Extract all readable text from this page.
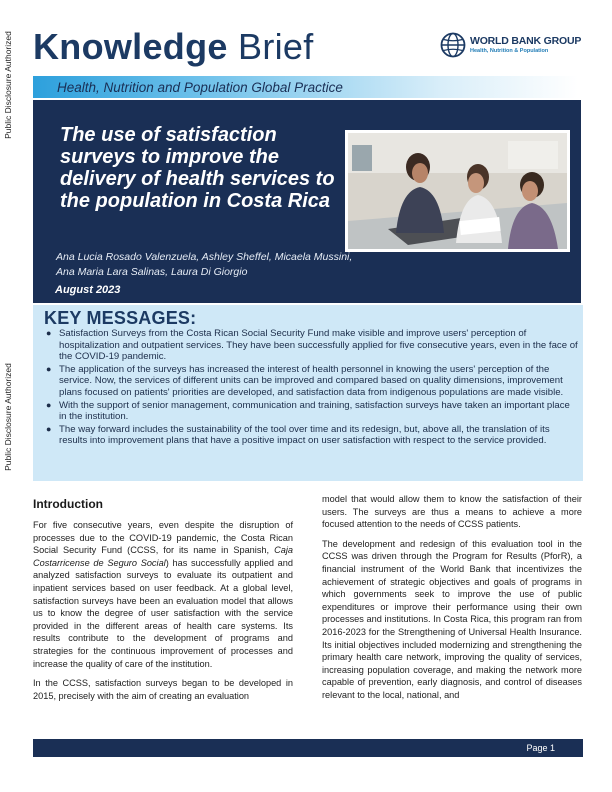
Public Disclosure Authorized
Public Disclosure Authorized
Knowledge Brief	WORLD BANK GROUP
Health, Nutrition & Population
Health, Nutrition and Population Global Practice
The use of satisfaction surveys to improve the delivery of health services to the population in Costa Rica
Ana Lucia Rosado Valenzuela, Ashley Sheffel, Micaela Mussini, Ana Maria Lara Salinas, Laura Di Giorgio
August 2023
KEY MESSAGES:
● Satisfaction Surveys from the Costa Rican Social Security Fund make visible and improve users' perception of hospitalization and outpatient services. They have been successfully applied for five consecutive years, even in the face of the COVID-19 pandemic.
● The application of the surveys has increased the interest of health personnel in knowing the users' perception of the service. Now, the services of different units can be improved and compared based on quality dimensions, improvement plans focused on patients' priorities are developed, and satisfaction data from indigenous populations are made visible.
● With the support of senior management, communication and training, satisfaction surveys have taken an important place in the institution.
● The way forward includes the sustainability of the tool over time and its redesign, but, above all, the translation of its results into improvement plans that have a positive impact on user satisfaction with respect to the service provided.
Introduction

For five consecutive years, even despite the disruption of processes due to the COVID-19 pandemic, the Costa Rican Social Security Fund (CCSS, for its name in Spanish, Caja Costarricense de Seguro Social) has successfully applied and analyzed satisfaction surveys to evaluate its outpatient and inpatient services based on user feedback. At a global level, satisfaction surveys have been an evaluation model that allows us to know the degree of user satisfaction with the service provided in the different areas of health care systems. Its results contribute to the development of programs and strategies for the continuous improvement of processes and increase the quality of care of the institution.

In the CCSS, satisfaction surveys began to be developed in 2015, precisely with the aim of creating an evaluation

model that would allow them to know the satisfaction of their users. The surveys are thus a means to achieve a more focused attention to the needs of CCSS patients.

The development and redesign of this evaluation tool in the CCSS was driven through the Program for Results (PforR), a financial instrument of the World Bank that incentivizes the achievement of strategic objectives and goals of programs in which governments seek to improve the use of public expenditures or improve their performance using their own processes and institutions. In Costa Rica, this program ran from 2016-2023 for the Strengthening of Universal Health Insurance. Its initial objectives included modernizing and strengthening the primary health care network, improving the quality of services, increasing population coverage, and making the network more capable of prevention, early diagnosis, and control of diseases relevant to the local, national, and

Page 1
